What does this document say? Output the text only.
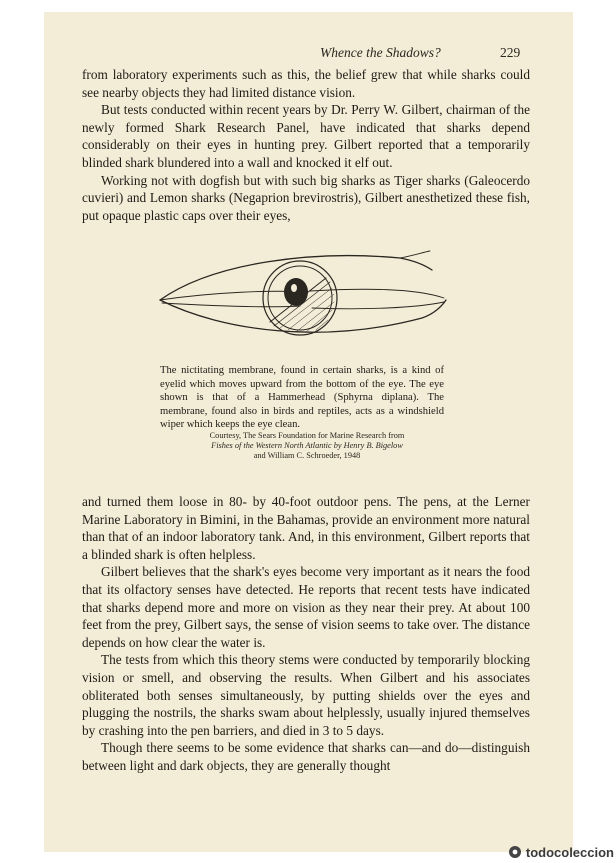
Whence the Shadows?	229

from laboratory experiments such as this, the belief grew that while sharks could see nearby objects they had limited distance vision.

But tests conducted within recent years by Dr. Perry W. Gilbert, chairman of the newly formed Shark Research Panel, have indicated that sharks depend considerably on their eyes in hunting prey. Gilbert reported that a temporarily blinded shark blundered into a wall and knocked it elf out.

Working not with dogfish but with such big sharks as Tiger sharks (Galeocerdo cuvieri) and Lemon sharks (Negaprion brevirostris), Gilbert anesthetized these fish, put opaque plastic caps over their eyes,

The nictitating membrane, found in certain sharks, is a kind of eyelid which moves upward from the bottom of the eye. The eye shown is that of a Hammerhead (Sphyrna diplana). The membrane, found also in birds and reptiles, acts as a windshield wiper which keeps the eye clean.

Courtesy, The Sears Foundation for Marine Research from
Fishes of the Western North Atlantic by Henry B. Bigelow
and William C. Schroeder, 1948

and turned them loose in 80- by 40-foot outdoor pens. The pens, at the Lerner Marine Laboratory in Bimini, in the Bahamas, provide an environment more natural than that of an indoor laboratory tank. And, in this environment, Gilbert reports that a blinded shark is often helpless.

Gilbert believes that the shark's eyes become very important as it nears the food that its olfactory senses have detected. He reports that recent tests have indicated that sharks depend more and more on vision as they near their prey. At about 100 feet from the prey, Gilbert says, the sense of vision seems to take over. The distance depends on how clear the water is.

The tests from which this theory stems were conducted by temporarily blocking vision or smell, and observing the results. When Gilbert and his associates obliterated both senses simultaneously, by putting shields over the eyes and plugging the nostrils, the sharks swam about helplessly, usually injured themselves by crashing into the pen barriers, and died in 3 to 5 days.

Though there seems to be some evidence that sharks can—and do—distinguish between light and dark objects, they are generally thought

todocoleccion
